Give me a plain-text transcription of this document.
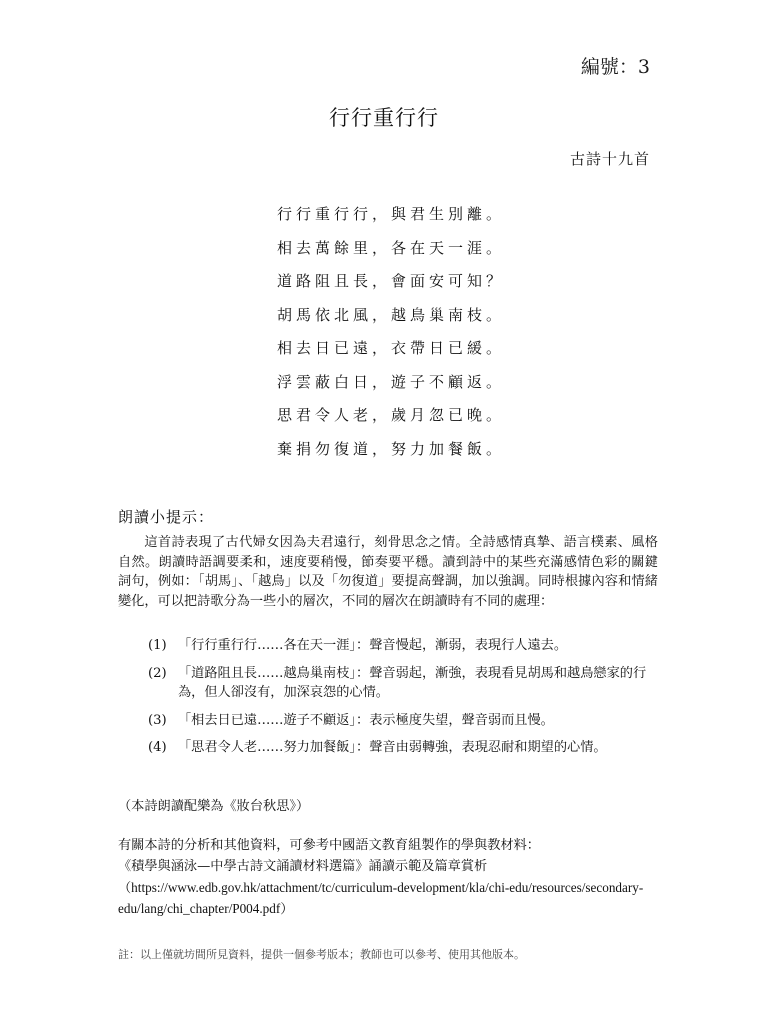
編號：3
行行重行行
古詩十九首
行行重行行，與君生別離。
相去萬餘里，各在天一涯。
道路阻且長，會面安可知？
胡馬依北風，越鳥巢南枝。
相去日已遠，衣帶日已緩。
浮雲蔽白日，遊子不顧返。
思君令人老，歲月忽已晚。
棄捐勿復道，努力加餐飯。
朗讀小提示：

這首詩表現了古代婦女因為夫君遠行，刻骨思念之情。全詩感情真摯、語言樸素、風格自然。朗讀時語調要柔和，速度要稍慢，節奏要平穩。讀到詩中的某些充滿感情色彩的關鍵詞句，例如：「胡馬」、「越鳥」以及「勿復道」要提高聲調，加以強調。同時根據內容和情緒變化，可以把詩歌分為一些小的層次，不同的層次在朗讀時有不同的處理：

(1) 「行行重行行……各在天一涯」：聲音慢起，漸弱，表現行人遠去。
(2) 「道路阻且長……越鳥巢南枝」：聲音弱起，漸強，表現看見胡馬和越鳥戀家的行為，但人卻沒有，加深哀怨的心情。
(3) 「相去日已遠……遊子不顧返」：表示極度失望，聲音弱而且慢。
(4) 「思君令人老……努力加餐飯」：聲音由弱轉強，表現忍耐和期望的心情。
（本詩朗讀配樂為《妝台秋思》）
有關本詩的分析和其他資料，可參考中國語文教育組製作的學與教材料：
《積學與涵泳—中學古詩文誦讀材料選篇》誦讀示範及篇章賞析
（https://www.edb.gov.hk/attachment/tc/curriculum-development/kla/chi-edu/resources/secondary-edu/lang/chi_chapter/P004.pdf）
註：以上僅就坊間所見資料，提供一個參考版本；教師也可以參考、使用其他版本。
